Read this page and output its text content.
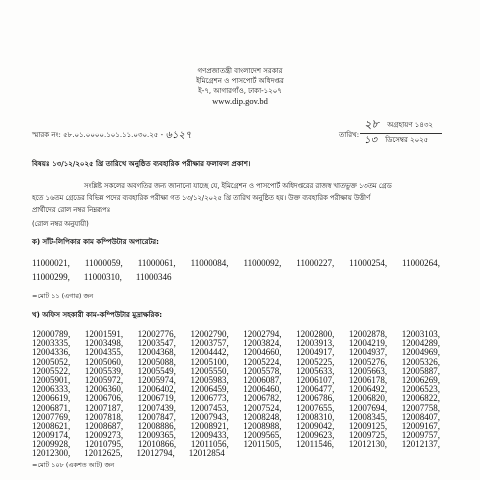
গণপ্রজাতন্ত্রী বাংলাদেশ সরকার
ইমিগ্রেশন ও পাসপোর্ট অধিদপ্তর
ই-৭, আগারগাঁও, ঢাকা-১২০৭
www.dip.gov.bd
স্মারক নং: ৫৮.০১.০০০০.১০১.১১.০৩০.২৫ - ৬১২৭	তারিখ:
২৮ অগ্রহায়ণ ১৪৩২
১৩ ডিসেম্বর ২০২৫
বিষয়ঃ ১৩/১২/২০২৫ খ্রি তারিখে অনুষ্ঠিত ব্যবহারিক পরীক্ষার ফলাফল প্রকাশ।
সংশ্লিষ্ট সকলের অবগতির জন্য জানানো যাচ্ছে যে, ইমিগ্রেশন ও পাসপোর্ট অধিদপ্তরের রাজস্ব খাতভুক্ত ১৩তম গ্রেড
হতে ১৬তম গ্রেডের বিভিন্ন পদের ব্যবহারিক পরীক্ষা গত ১৩/১২/২০২৫ খ্রি তারিখ অনুষ্ঠিত হয়। উক্ত ব্যবহারিক পরীক্ষায় উত্তীর্ণ
প্রার্থীদের রোল নম্বর নিম্নরূপঃ
(রোল নম্বর অনুযায়ী)
ক) সাঁট-লিপিকার কাম কম্পিউটার অপারেটর:
11000021 , 11000059 , 11000061 , 11000084 , 11000092 , 11000227 , 11000254 , 11000264 ,
11000299 , 11000310 , 11000346
=মোট ১১ (এগার) জন
খ) অফিস সহকারী কাম-কম্পিউটার মুদ্রাক্ষরিক:
12000789 , 12001591 , 12002776 , 12002790 , 12002794 , 12002800 , 12002878 , 12003103 ,
12003335 , 12003498 , 12003547 , 12003757 , 12003824 , 12003913 , 12004219 , 12004289 ,
12004336 , 12004355 , 12004368 , 12004442 , 12004660 , 12004917 , 12004937 , 12004969 ,
12005052 , 12005060 , 12005088 , 12005100 , 12005224 , 12005225 , 12005276 , 12005326 ,
12005522 , 12005539 , 12005549 , 12005550 , 12005578 , 12005633 , 12005663 , 12005887 ,
12005901 , 12005972 , 12005974 , 12005983 , 12006087 , 12006107 , 12006178 , 12006269 ,
12006333 , 12006360 , 12006402 , 12006459 , 12006460 , 12006477 , 12006492 , 12006523 ,
12006619 , 12006706 , 12006719 , 12006773 , 12006782 , 12006786 , 12006820 , 12006822 ,
12006871 , 12007187 , 12007439 , 12007453 , 12007524 , 12007655 , 12007694 , 12007758 ,
12007769 , 12007818 , 12007847 , 12007943 , 12008248 , 12008310 , 12008345 , 12008407 ,
12008621 , 12008687 , 12008886 , 12008921 , 12008988 , 12009042 , 12009125 , 12009167 ,
12009174 , 12009273 , 12009365 , 12009433 , 12009565 , 12009623 , 12009725 , 12009757 ,
12009928 , 12010795 , 12010866 , 12011056 , 12011505 , 12011546 , 12012130 , 12012137 ,
12012300 , 12012625 , 12012794 , 12012854
=মোট ১০৮ (একশত আট) জন
